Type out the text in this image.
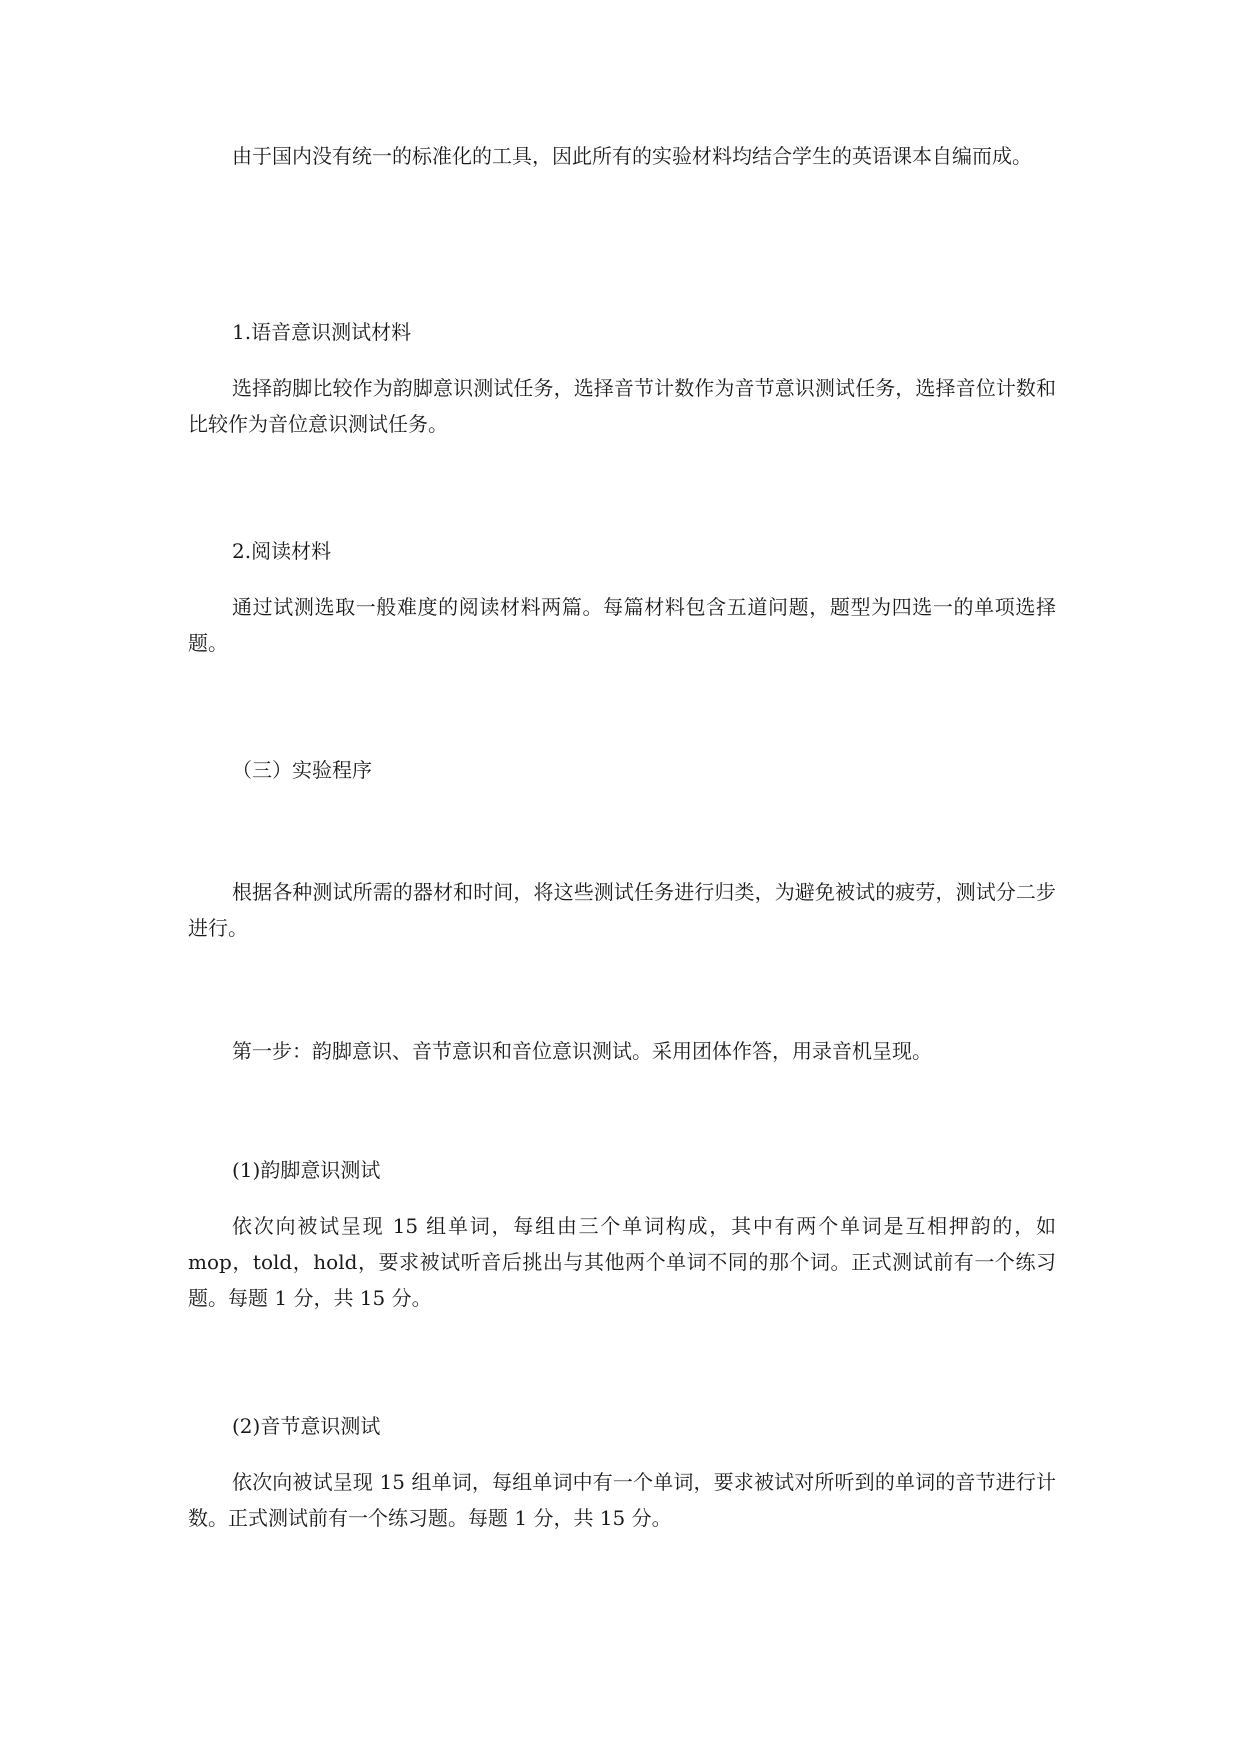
由于国内没有统一的标准化的工具，因此所有的实验材料均结合学生的英语课本自编而成。

1.语音意识测试材料

选择韵脚比较作为韵脚意识测试任务，选择音节计数作为音节意识测试任务，选择音位计数和比较作为音位意识测试任务。

2.阅读材料

通过试测选取一般难度的阅读材料两篇。每篇材料包含五道问题，题型为四选一的单项选择题。

（三）实验程序

根据各种测试所需的器材和时间，将这些测试任务进行归类，为避免被试的疲劳，测试分二步进行。

第一步：韵脚意识、音节意识和音位意识测试。采用团体作答，用录音机呈现。

(1)韵脚意识测试

依次向被试呈现 15 组单词，每组由三个单词构成，其中有两个单词是互相押韵的，如 mop，told，hold，要求被试听音后挑出与其他两个单词不同的那个词。正式测试前有一个练习题。每题 1 分，共 15 分。

(2)音节意识测试

依次向被试呈现 15 组单词，每组单词中有一个单词，要求被试对所听到的单词的音节进行计数。正式测试前有一个练习题。每题 1 分，共 15 分。
